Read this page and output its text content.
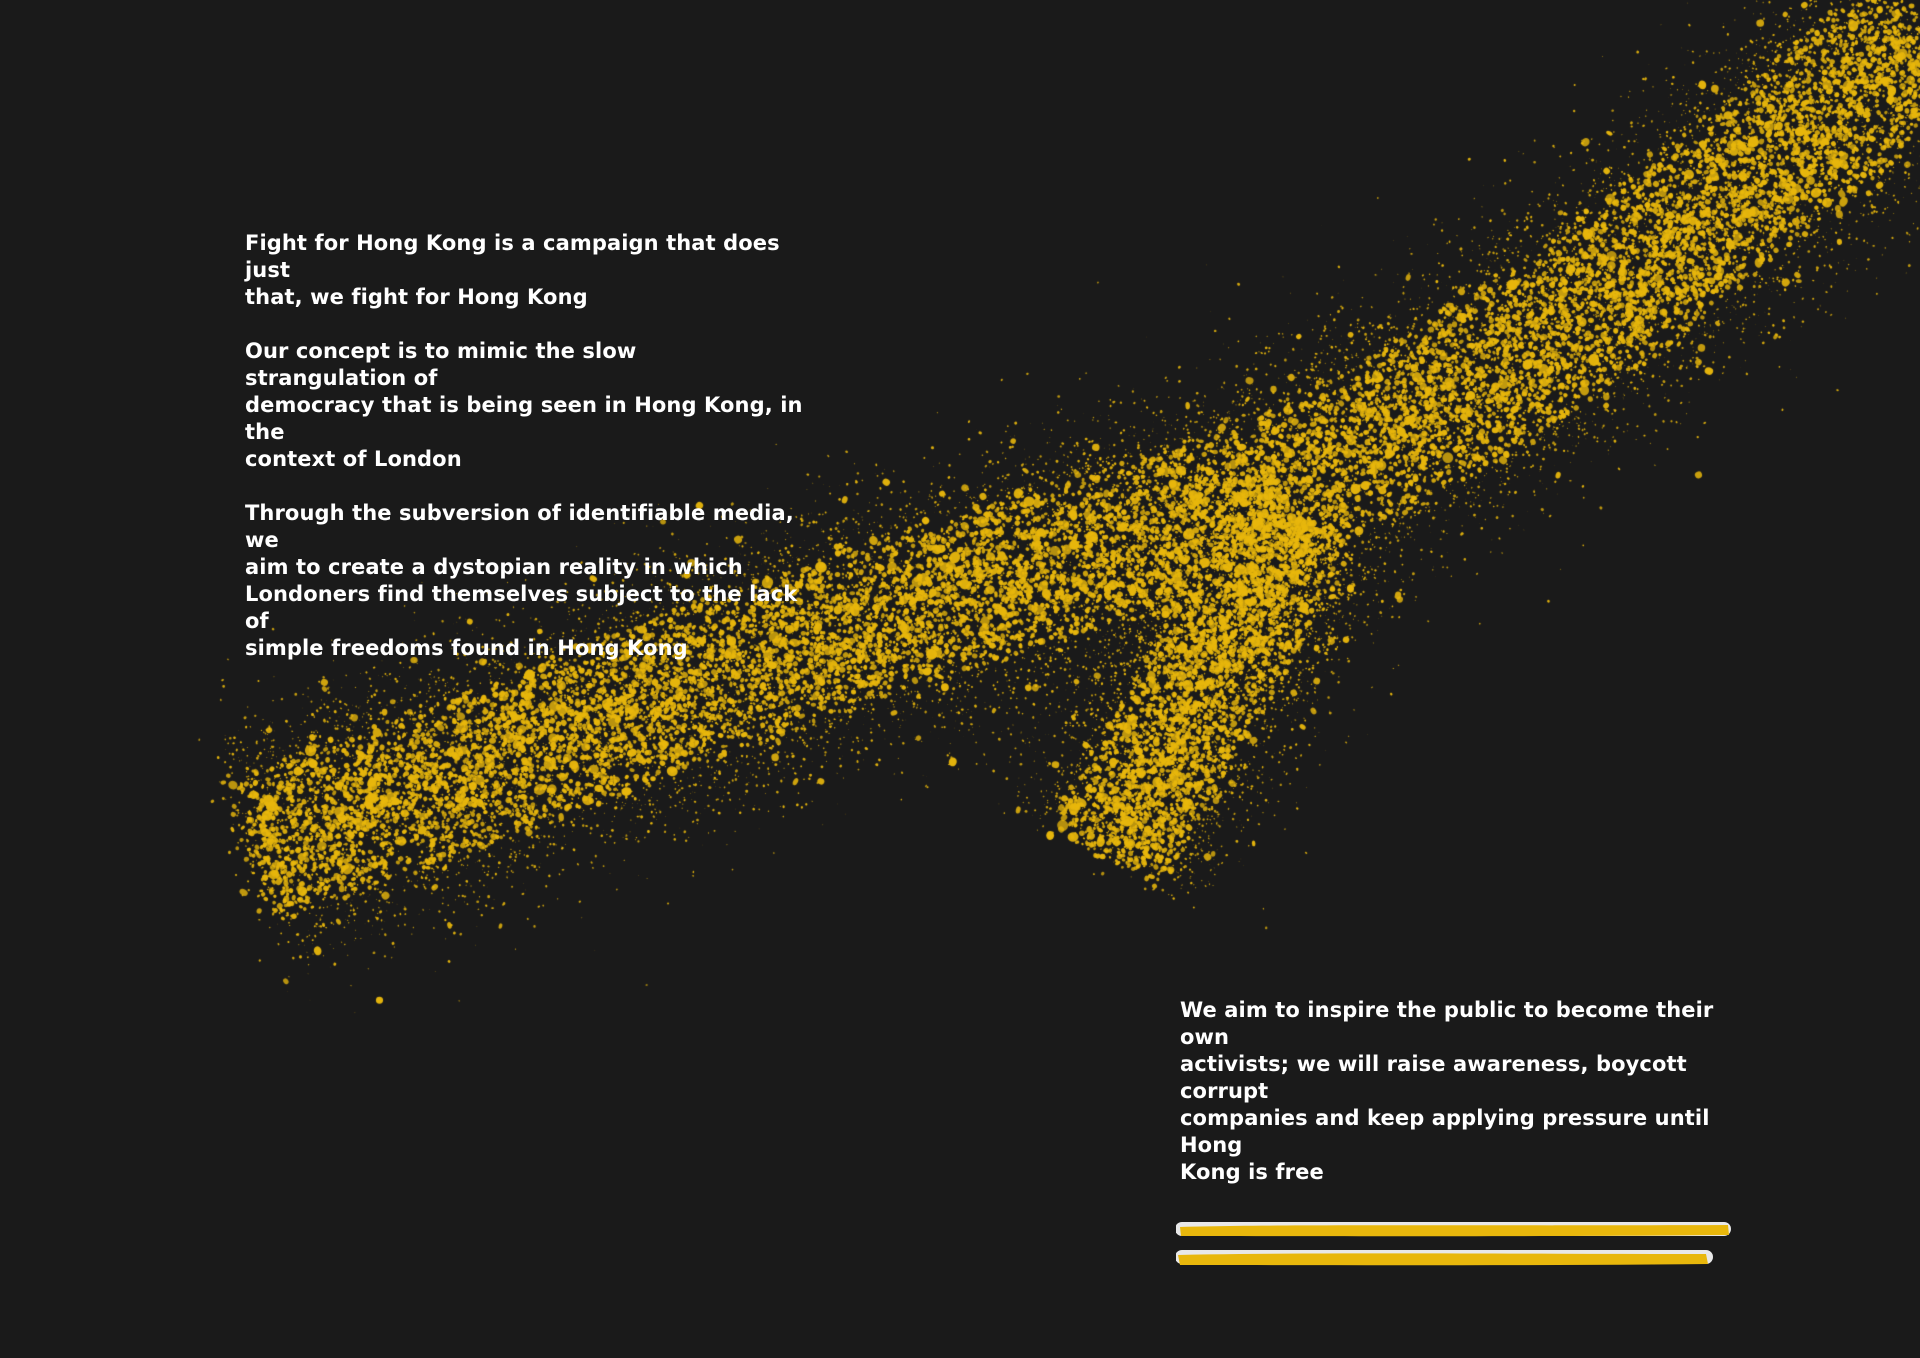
Fight for Hong Kong is a campaign that does just
that, we fight for Hong Kong

Our concept is to mimic the slow strangulation of
democracy that is being seen in Hong Kong, in the
context of London

Through the subversion of identifiable media, we
aim to create a dystopian reality in which
Londoners find themselves subject to the lack of
simple freedoms found in Hong Kong

We aim to inspire the public to become their own
activists; we will raise awareness, boycott corrupt
companies and keep applying pressure until Hong
Kong is free
